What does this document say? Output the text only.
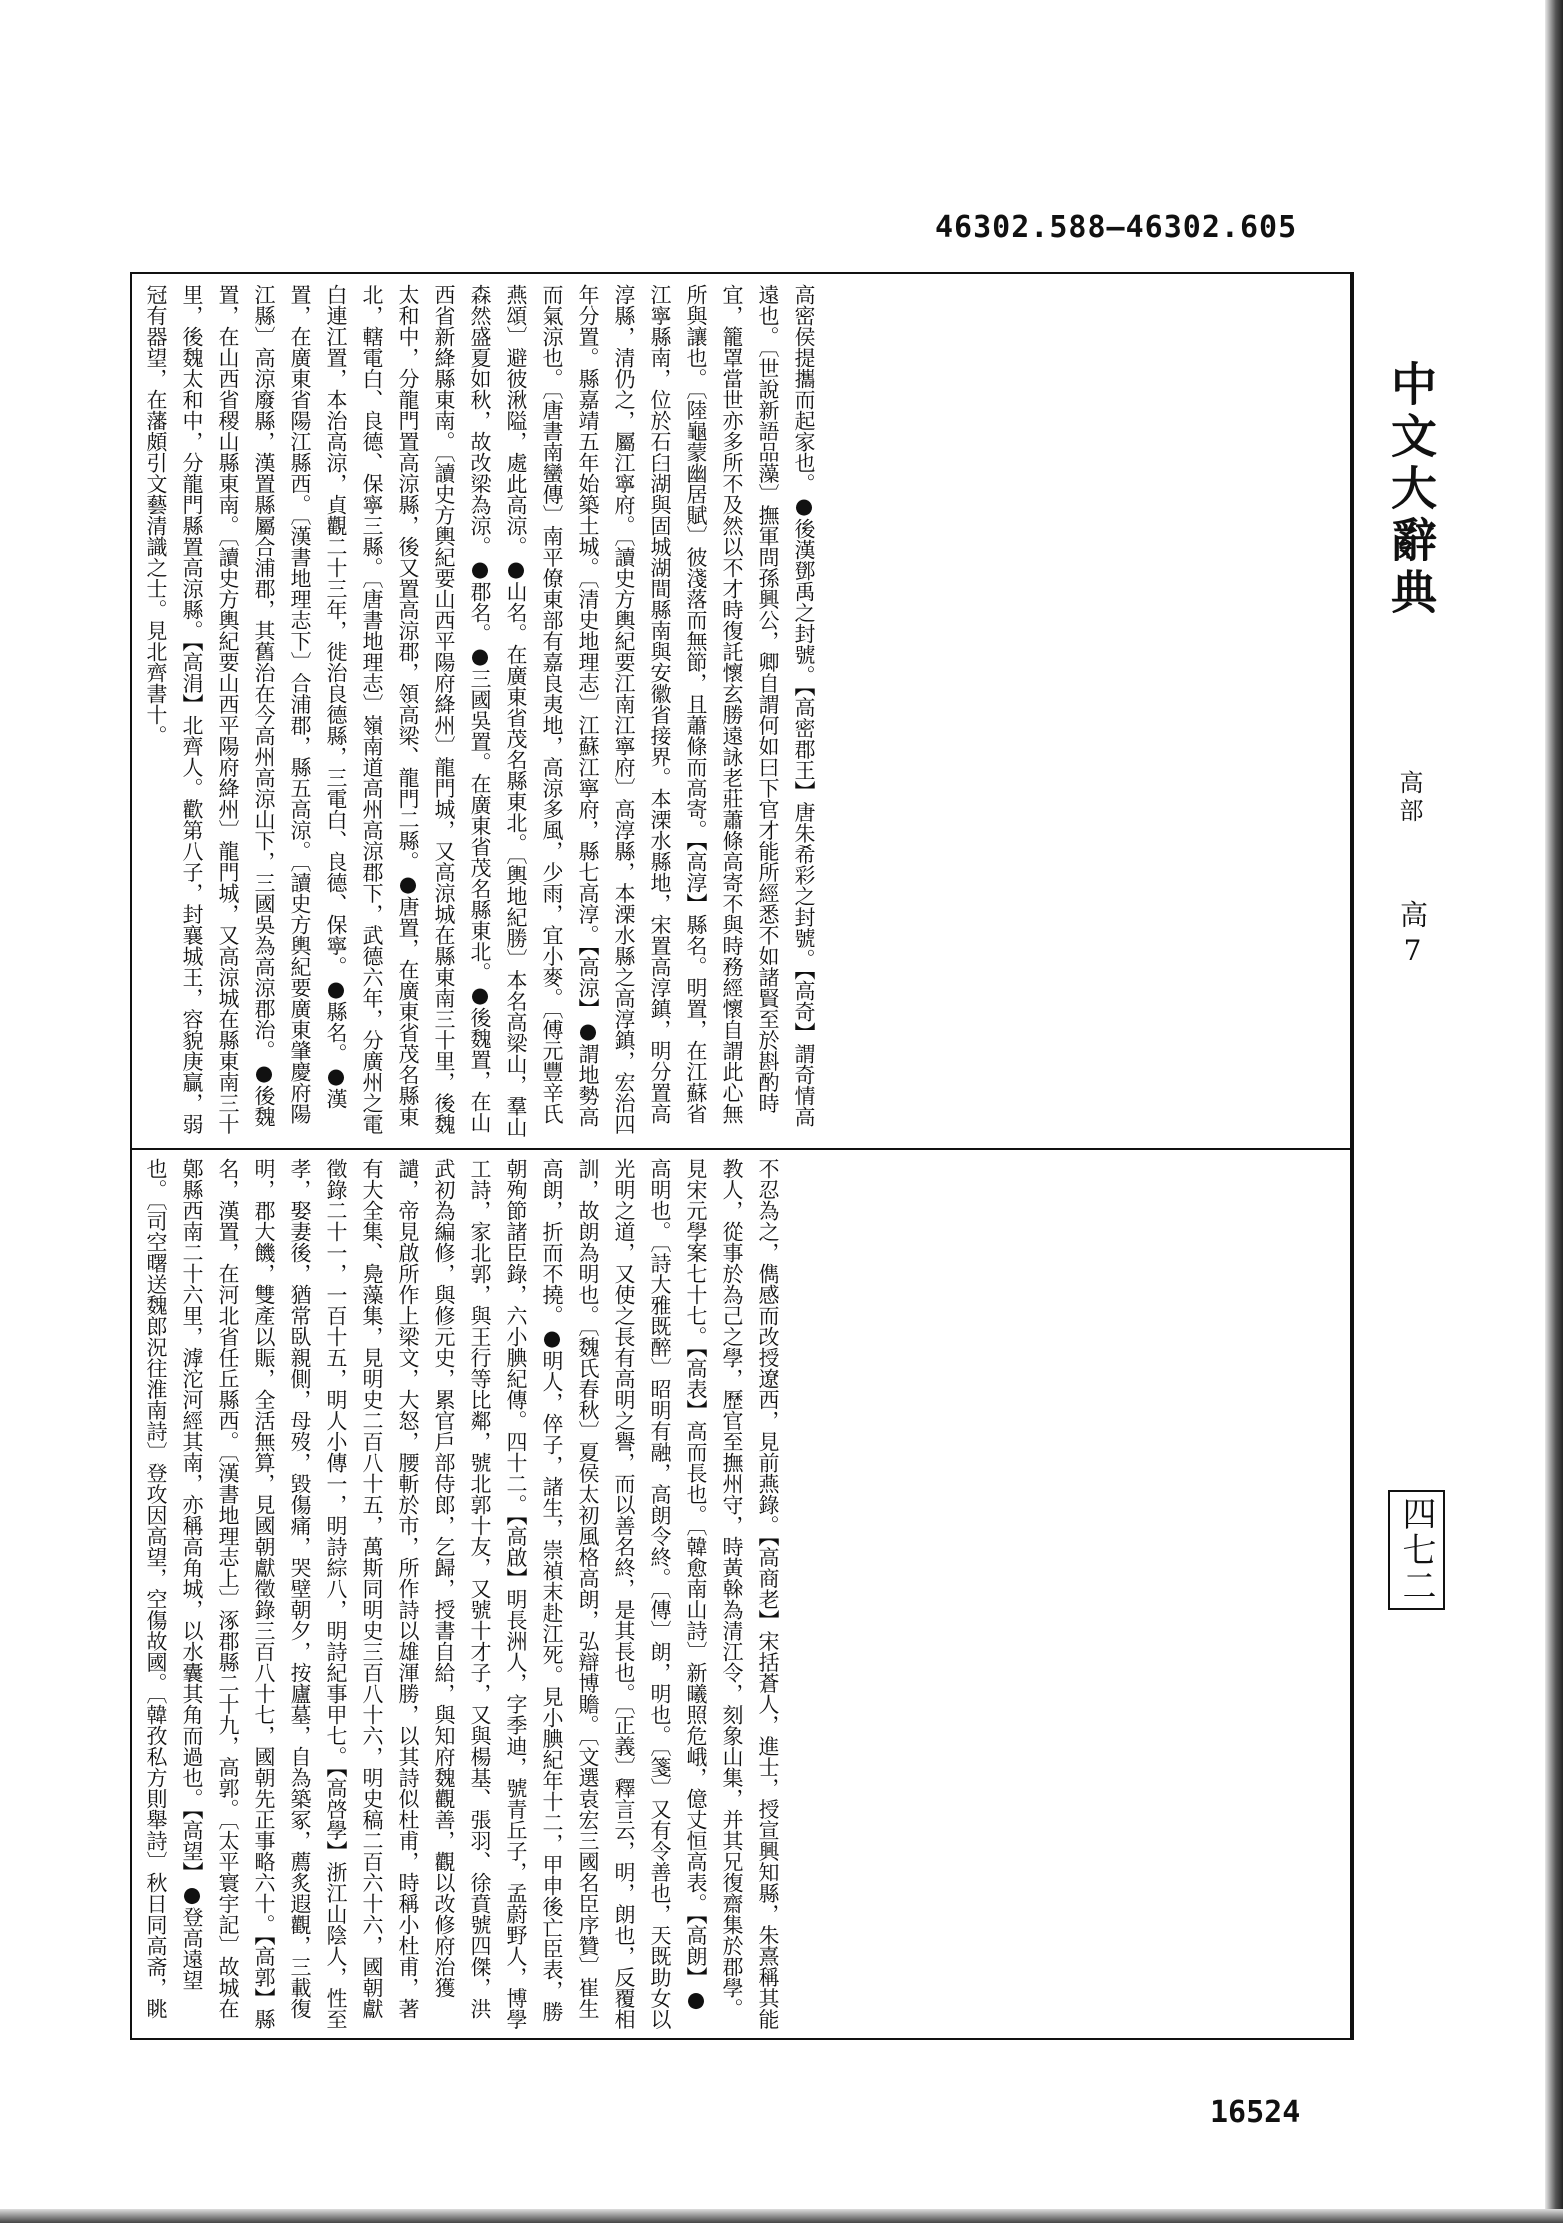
46302.588—46302.605
高密侯提攜而起家也。●後漢鄧禹之封號。【高密郡王】唐朱希彩之封號。【高奇】謂奇情高遠也。〔世說新語品藻〕撫軍問孫興公，卿自謂何如曰下官才能所經悉不如諸賢至於斟酌時宜，籠罩當世亦多所不及然以不才時復託懷玄勝遠詠老莊蕭條高寄不與時務經懷自謂此心無所與讓也。〔陸龜蒙幽居賦〕彼淺落而無節，且蕭條而高寄。【高淳】縣名。明置，在江蘇省江寧縣南，位於石臼湖與固城湖間縣南與安徽省接界。本溧水縣地，宋置高淳鎮，明分置高淳縣，清仍之，屬江寧府。〔讀史方輿紀要江南江寧府〕高淳縣，本溧水縣之高淳鎮，宏治四年分置。縣嘉靖五年始築土城。〔清史地理志〕江蘇江寧府，縣七高淳。【高涼】●謂地勢高而氣涼也。〔唐書南蠻傳〕南平僚東部有嘉良夷地，高涼多風，少雨，宜小麥。〔傅元豐辛氏燕頌〕避彼湫隘，處此高涼。●山名。在廣東省茂名縣東北。〔輿地紀勝〕本名高梁山，羣山森然盛夏如秋，故改梁為涼。●郡名。●三國吳置。在廣東省茂名縣東北。●後魏置，在山西省新絳縣東南。〔讀史方輿紀要山西平陽府絳州〕龍門城，又高涼城在縣東南三十里，後魏太和中，分龍門置高涼縣，後又置高涼郡，領高梁、龍門二縣。●唐置，在廣東省茂名縣東北，轄電白、良德、保寧三縣。〔唐書地理志〕嶺南道高州高涼郡下，武德六年，分廣州之電白連江置，本治高涼，貞觀二十三年，徙治良德縣，三電白、良德、保寧。●縣名。●漢置，在廣東省陽江縣西。〔漢書地理志下〕合浦郡，縣五高涼。〔讀史方輿紀要廣東肇慶府陽江縣〕高涼廢縣，漢置縣屬合浦郡，其舊治在今高州高涼山下，三國吳為高涼郡治。●後魏置，在山西省稷山縣東南。〔讀史方輿紀要山西平陽府絳州〕龍門城，又高涼城在縣東南三十里，後魏太和中，分龍門縣置高涼縣。【高涓】北齊人。歡第八子，封襄城王，容貌庚贏，弱冠有器望，在藩頗引文藝清識之士。見北齊書十。
不忍為之，儁感而改授遼西，見前燕錄。【高商老】宋括蒼人，進士，授宣興知縣，朱熹稱其能教人，從事於為己之學，歷官至撫州守，時黃榦為清江令，刻象山集，并其兄復齋集於郡學。見宋元學案七十七。【高表】高而長也。〔韓愈南山詩〕新曦照危峨，億丈恒高表。【高朗】●高明也。〔詩大雅既醉〕昭明有融，高朗令終。〔傳〕朗，明也。〔箋〕又有令善也，天既助女以光明之道，又使之長有高明之譽，而以善名終，是其長也。〔正義〕釋言云，明，朗也，反覆相訓，故朗為明也。〔魏氏春秋〕夏侯太初風格高朗，弘辯博贍。〔文選袁宏三國名臣序贊〕崔生高朗，折而不撓。●明人，倅子，諸生，崇禎末赴江死。見小腆紀年十二，甲申後亡臣表，勝朝殉節諸臣錄，六小腆紀傳。四十二。【高啟】明長洲人，字季迪，號青丘子，孟蔚野人，博學工詩，家北郭，與王行等比鄰，號北郭十友，又號十才子，又與楊基、張羽、徐賁號四傑，洪武初為編修，與修元史，累官戶部侍郎，乞歸，授書自給，與知府魏觀善，觀以改修府治獲譴，帝見啟所作上梁文，大怒，腰斬於市，所作詩以雄渾勝，以其詩似杜甫，時稱小杜甫，著有大全集、鳧藻集，見明史二百八十五，萬斯同明史三百八十六，明史稿二百六十六，國朝獻徵錄二十一，一百十五，明人小傳一，明詩綜八，明詩紀事甲七。【高啓學】浙江山陰人，性至孝，娶妻後，猶常臥親側，母歿，毀傷痛，哭壁朝夕，按廬墓，自為築冢，薦炙遐觀，三載復明，郡大饑，雙產以賑，全活無算，見國朝獻徵錄三百八十七，國朝先正事略六十。【高郭】縣名，漢置，在河北省任丘縣西。〔漢書地理志上〕涿郡縣二十九，高郭。〔太平寰宇記〕故城在鄚縣西南二十六里，滹沱河經其南，亦稱高角城，以水囊其角而過也。【高望】●登高遠望也。〔司空曙送魏郎況往淮南詩〕登攻因高望，空傷故國。〔韓孜私方則舉詩〕秋日同高斋，眺
中文大辭典
高部
高7
四七二
16524
